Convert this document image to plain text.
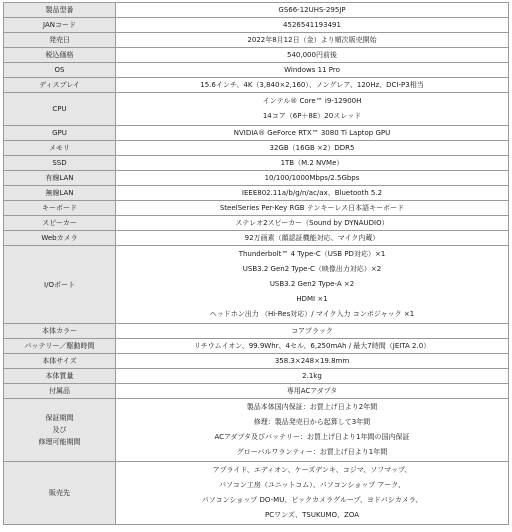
製品型番	GS66-12UHS-295JP

JANコード	4526541193491

発売日	2022年8月12日（金）より順次販売開始

税込価格	540,000円前後

OS	Windows 11 Pro

ディスプレイ	15.6インチ、4K（3,840×2,160）、ノングレア、120Hz、DCI-P3相当

CPU	インテル® Core™ i9-12900H
14コア（6P＋8E）20スレッド

GPU	NVIDIA® GeForce RTX™ 3080 Ti Laptop GPU

メモリ	32GB（16GB ×2）DDR5

SSD	1TB（M.2 NVMe）

有線LAN	10/100/1000Mbps/2.5Gbps

無線LAN	IEEE802.11a/b/g/n/ac/ax、Bluetooth 5.2

キーボード	SteelSeries Per-Key RGB テンキーレス日本語キーボード

スピーカー	ステレオ2スピーカー（Sound by DYNAUDIO）

Webカメラ	92万画素（顔認証機能対応、マイク内蔵）

I/Oポート	Thunderbolt™ 4 Type-C（USB PD対応）×1
USB3.2 Gen2 Type-C（映像出力対応）×2
USB3.2 Gen2 Type-A ×2
HDMI ×1
ヘッドホン出力 （Hi-Res対応）/ マイク入力 コンボジャック ×1

本体カラー	コアブラック

バッテリー／駆動時間	リチウムイオン、99.9Whr、4セル、6,250mAh / 最大7時間（JEITA 2.0）

本体サイズ	358.3×248×19.8mm

本体質量	2.1kg

付属品	専用ACアダプタ

保証期間
及び
修理可能期間	製品本体国内保証：お買上げ日より2年間
修理：製品発売日から起算して3年間
ACアダプタ及びバッテリー：お買上げ日より1年間の国内保証
グローバルワランティー：お買上げ日より1年間

販売先	アプライド、エディオン、ケーズデンキ、コジマ、ソフマップ、
パソコン工房（ユニットコム）、パソコンショップ アーク、
パソコンショップ DO-MU、ビックカメラグループ、ヨドバシカメラ、
PCワンズ、TSUKUMO、ZOA
